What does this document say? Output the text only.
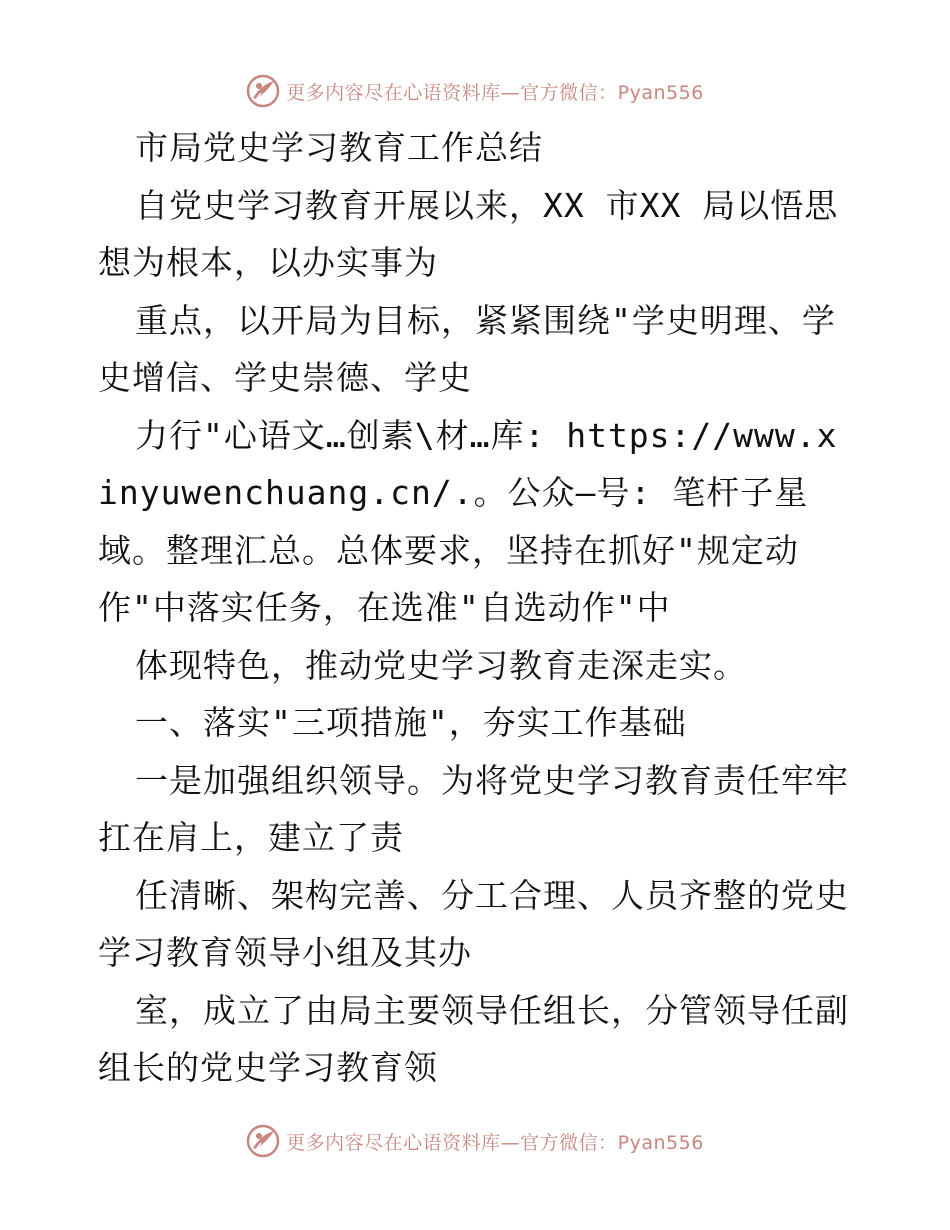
更多内容尽在心语资料库—官方微信：Pyan556

市局党史学习教育工作总结

自党史学习教育开展以来，XX 市XX 局以悟思想为根本，以办实事为

重点，以开局为目标，紧紧围绕"学史明理、学史增信、学史崇德、学史

力行"心语文…创素\材…库: https://www.xinyuwenchuang.cn/.。公众—号: 笔杆子星域。整理汇总。总体要求，坚持在抓好"规定动作"中落实任务，在选准"自选动作"中

体现特色，推动党史学习教育走深走实。

一、落实"三项措施"，夯实工作基础

一是加强组织领导。为将党史学习教育责任牢牢扛在肩上，建立了责

任清晰、架构完善、分工合理、人员齐整的党史学习教育领导小组及其办

室，成立了由局主要领导任组长，分管领导任副组长的党史学习教育领

更多内容尽在心语资料库—官方微信：Pyan556
